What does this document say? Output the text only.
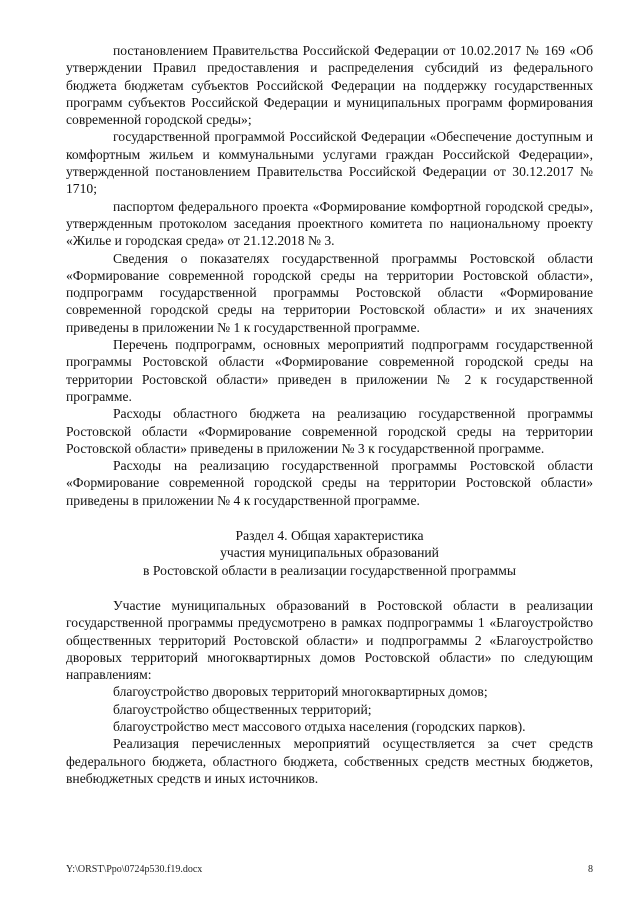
постановлением Правительства Российской Федерации от 10.02.2017 № 169 «Об утверждении Правил предоставления и распределения субсидий из федерального бюджета бюджетам субъектов Российской Федерации на поддержку государственных программ субъектов Российской Федерации и муниципальных программ формирования современной городской среды»;

государственной программой Российской Федерации «Обеспечение доступным и комфортным жильем и коммунальными услугами граждан Российской Федерации», утвержденной постановлением Правительства Российской Федерации от 30.12.2017 № 1710;

паспортом федерального проекта «Формирование комфортной городской среды», утвержденным протоколом заседания проектного комитета по национальному проекту «Жилье и городская среда» от 21.12.2018 № 3.

Сведения о показателях государственной программы Ростовской области «Формирование современной городской среды на территории Ростовской области», подпрограмм государственной программы Ростовской области «Формирование современной городской среды на территории Ростовской области» и их значениях приведены в приложении № 1 к государственной программе.

Перечень подпрограмм, основных мероприятий подпрограмм государственной программы Ростовской области «Формирование современной городской среды на территории Ростовской области» приведен в приложении № 2 к государственной программе.

Расходы областного бюджета на реализацию государственной программы Ростовской области «Формирование современной городской среды на территории Ростовской области» приведены в приложении № 3 к государственной программе.

Расходы на реализацию государственной программы Ростовской области «Формирование современной городской среды на территории Ростовской области» приведены в приложении № 4 к государственной программе.

Раздел 4. Общая характеристика
участия муниципальных образований
в Ростовской области в реализации государственной программы

Участие муниципальных образований в Ростовской области в реализации государственной программы предусмотрено в рамках подпрограммы 1 «Благоустройство общественных территорий Ростовской области» и подпрограммы 2 «Благоустройство дворовых территорий многоквартирных домов Ростовской области» по следующим направлениям:

благоустройство дворовых территорий многоквартирных домов;

благоустройство общественных территорий;

благоустройство мест массового отдыха населения (городских парков).

Реализация перечисленных мероприятий осуществляется за счет средств федерального бюджета, областного бюджета, собственных средств местных бюджетов, внебюджетных средств и иных источников.

Y:\ORST\Ppo\0724p530.f19.docx	8
